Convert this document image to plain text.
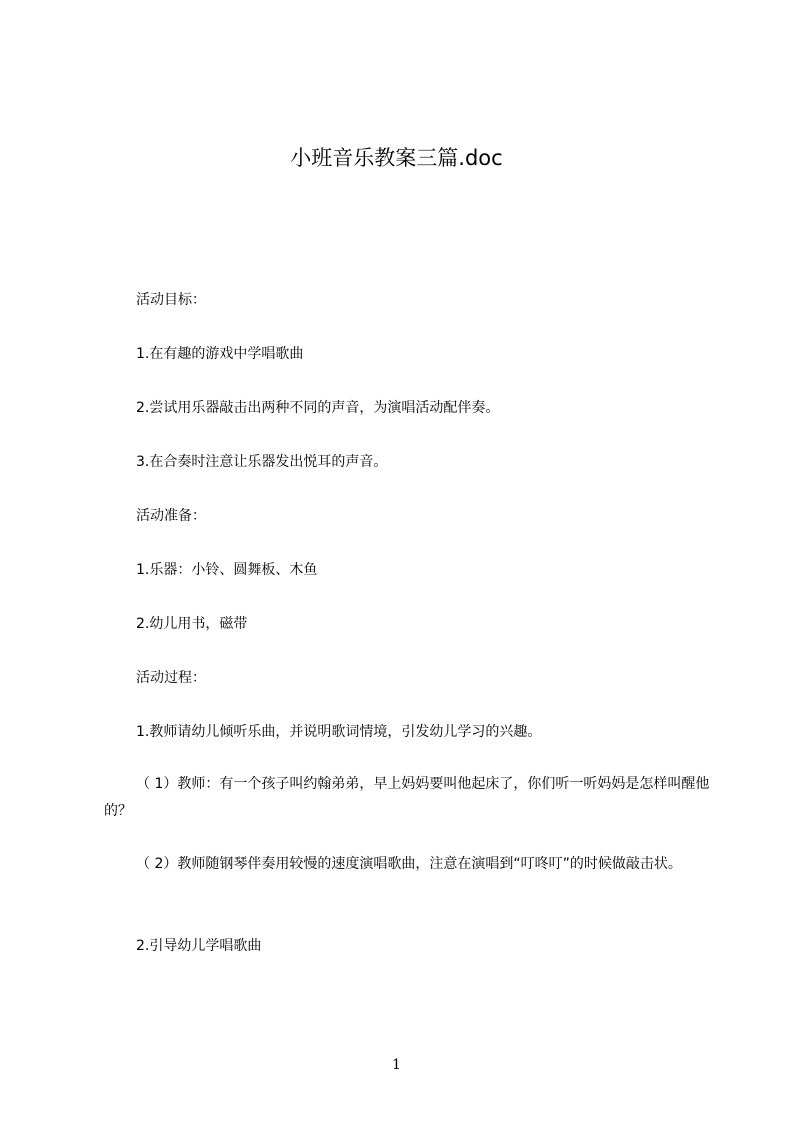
小班音乐教案三篇.doc
活动目标：
1.在有趣的游戏中学唱歌曲
2.尝试用乐器敲击出两种不同的声音，为演唱活动配伴奏。
3.在合奏时注意让乐器发出悦耳的声音。
活动准备：
1.乐器：小铃、圆舞板、木鱼
2.幼儿用书，磁带
活动过程：
1.教师请幼儿倾听乐曲，并说明歌词情境，引发幼儿学习的兴趣。
（ 1）教师：有一个孩子叫约翰弟弟，早上妈妈要叫他起床了，你们听一听妈妈是怎样叫醒他的？
（ 2）教师随钢琴伴奏用较慢的速度演唱歌曲，注意在演唱到“叮咚叮”的时候做敲击状。
2.引导幼儿学唱歌曲
1
